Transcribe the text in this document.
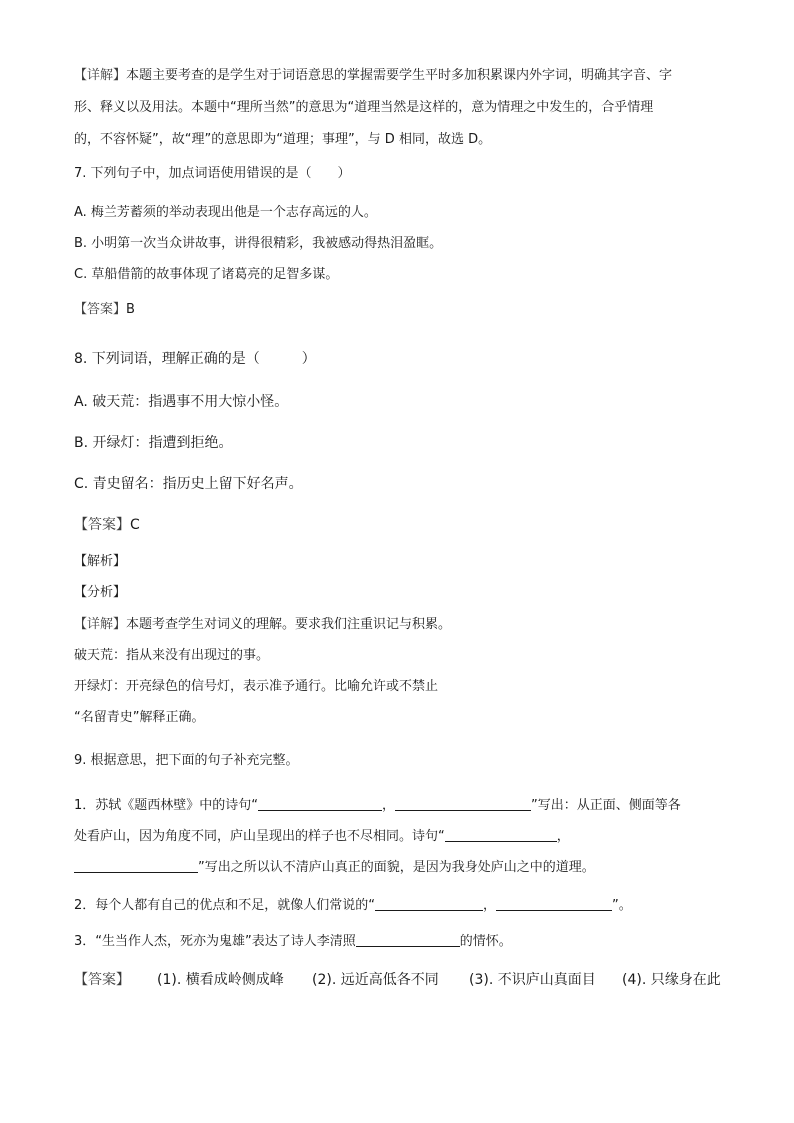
【详解】本题主要考查的是学生对于词语意思的掌握需要学生平时多加积累课内外字词，明确其字音、字
形、释义以及用法。本题中“理所当然”的意思为“道理当然是这样的，意为情理之中发生的，合乎情理
的，不容怀疑”，故“理”的意思即为“道理；事理”，与 D 相同，故选 D。
7. 下列句子中，加点词语使用错误的是（　　）
A. 梅兰芳蓄须的举动表现出他是一个志存高远的人。
B. 小明第一次当众讲故事，讲得很精彩，我被感动得热泪盈眶。
C. 草船借箭的故事体现了诸葛亮的足智多谋。
【答案】B
8. 下列词语，理解正确的是（　　　）
A. 破天荒：指遇事不用大惊小怪。
B. 开绿灯：指遭到拒绝。
C. 青史留名：指历史上留下好名声。
【答案】C
【解析】
【分析】
【详解】本题考查学生对词义的理解。要求我们注重识记与积累。
破天荒：指从来没有出现过的事。
开绿灯：开亮绿色的信号灯，表示准予通行。比喻允许或不禁止
“名留青史”解释正确。
9. 根据意思，把下面的句子补充完整。
1．苏轼《题西林壁》中的诗句“	，	”写出：从正面、侧面等各
处看庐山，因为角度不同，庐山呈现出的样子也不尽相同。诗句“	，
”写出之所以认不清庐山真正的面貌，是因为我身处庐山之中的道理。
2．每个人都有自己的优点和不足，就像人们常说的“	，	”。
3．“生当作人杰，死亦为鬼雄”表达了诗人李清照	的情怀。
【答案】 (1). 横看成岭侧成峰 (2). 远近高低各不同 (3). 不识庐山真面目 (4). 只缘身在此
